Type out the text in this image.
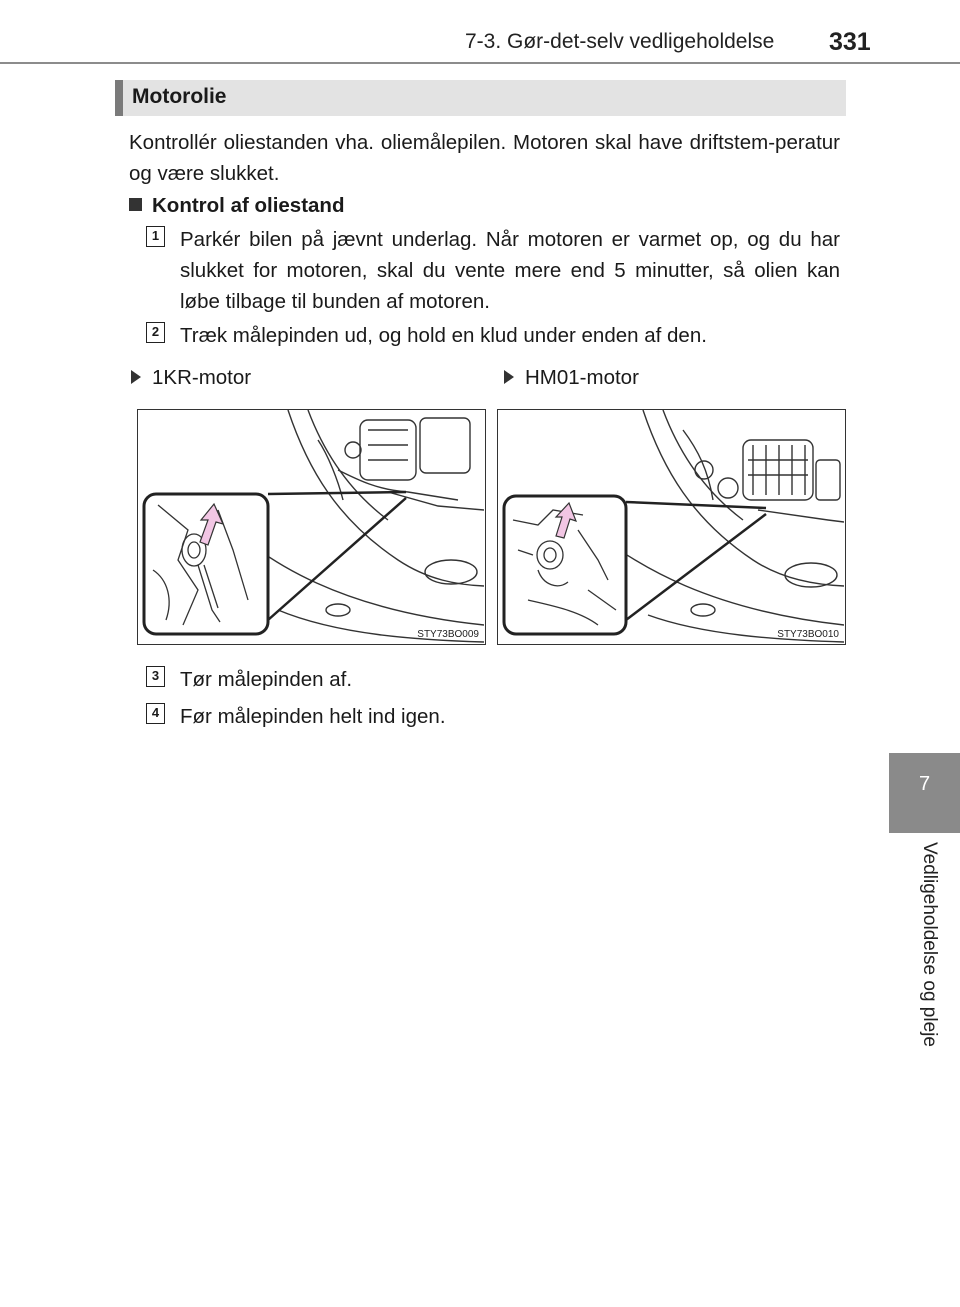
7-3. Gør-det-selv vedligeholdelse 331
7
Vedligeholdelse og pleje
Motorolie
Kontrollér oliestanden vha. oliemålepilen. Motoren skal have driftstem-peratur og være slukket.
Kontrol af oliestand
1 Parkér bilen på jævnt underlag. Når motoren er varmet op, og du har slukket for motoren, skal du vente mere end 5 minutter, så olien kan løbe tilbage til bunden af motoren.
2 Træk målepinden ud, og hold en klud under enden af den.
1KR-motor	HM01-motor
STY73BO009	STY73BO010
3 Tør målepinden af.
4 Før målepinden helt ind igen.
